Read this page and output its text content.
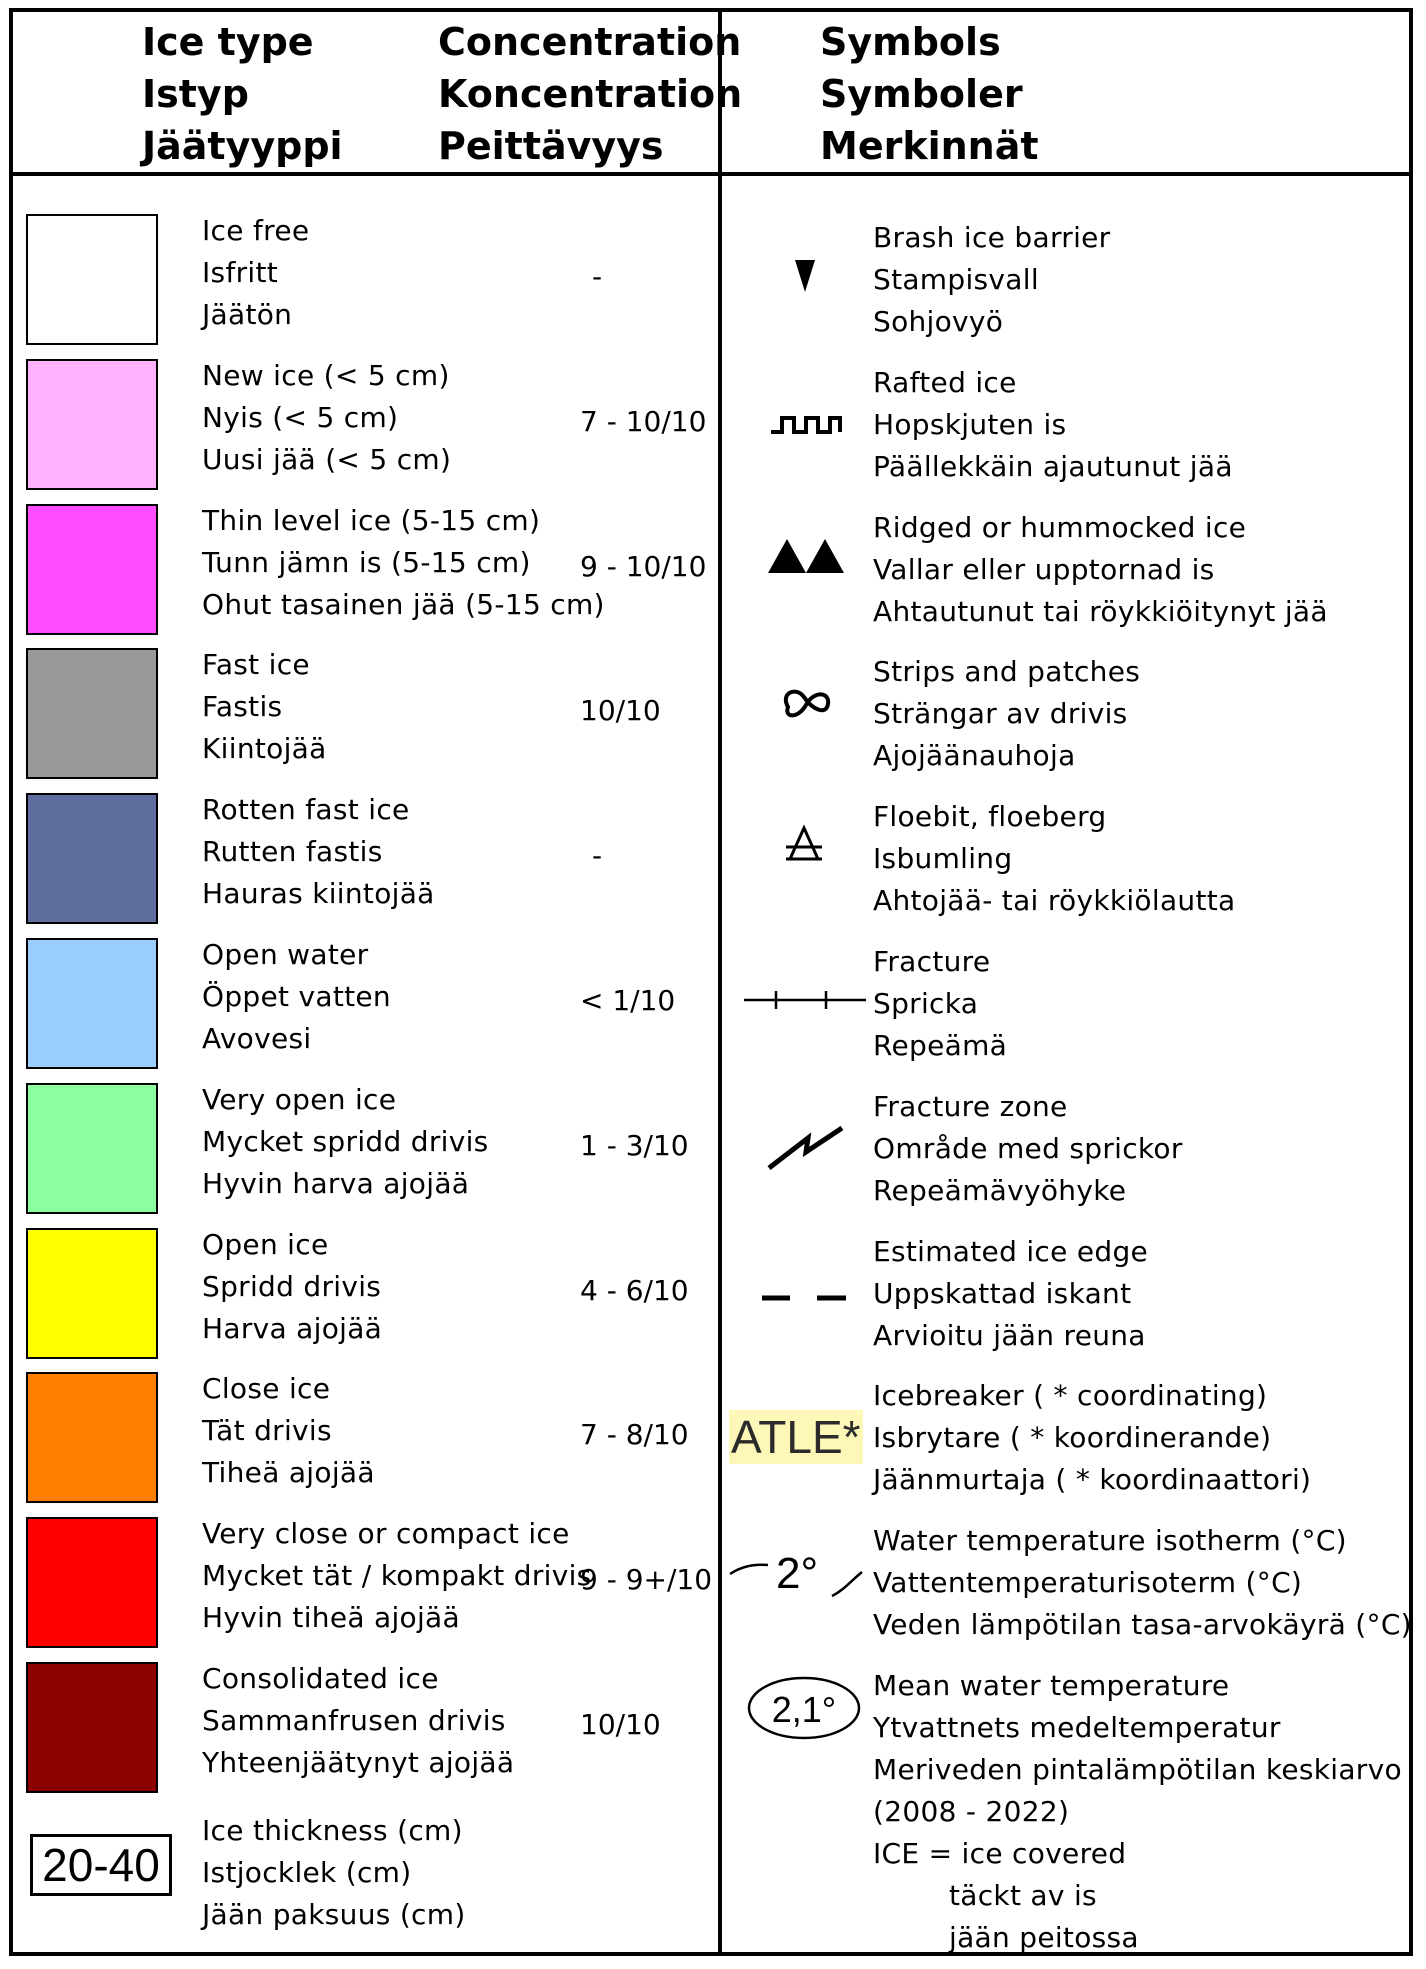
Ice type
Istyp
Jäätyyppi
Concentration
Koncentration
Peittävyys
Symbols
Symboler
Merkinnät
Ice free
Isfritt
Jäätön
-
New ice (< 5 cm)
Nyis (< 5 cm)
Uusi jää (< 5 cm)
7 - 10/10
Thin level ice (5-15 cm)
Tunn jämn is (5-15 cm)
Ohut tasainen jää (5-15 cm)
9 - 10/10
Fast ice
Fastis
Kiintojää
10/10
Rotten fast ice
Rutten fastis
Hauras kiintojää
-
Open water
Öppet vatten
Avovesi
< 1/10
Very open ice
Mycket spridd drivis
Hyvin harva ajojää
1 - 3/10
Open ice
Spridd drivis
Harva ajojää
4 - 6/10
Close ice
Tät drivis
Tiheä ajojää
7 - 8/10
Very close or compact ice
Mycket tät / kompakt drivis
Hyvin tiheä ajojää
9 - 9+/10
Consolidated ice
Sammanfrusen drivis
Yhteenjäätynyt ajojää
10/10
20-40
Ice thickness (cm)
Istjocklek (cm)
Jään paksuus (cm)
Brash ice barrier
Stampisvall
Sohjovyö
Rafted ice
Hopskjuten is
Päällekkäin ajautunut jää
Ridged or hummocked ice
Vallar eller upptornad is
Ahtautunut tai röykkiöitynyt jää
Strips and patches
Strängar av drivis
Ajojäänauhoja
Floebit, floeberg
Isbumling
Ahtojää- tai röykkiölautta
Fracture
Spricka
Repeämä
Fracture zone
Område med sprickor
Repeämävyöhyke
Estimated ice edge
Uppskattad iskant
Arvioitu jään reuna
Icebreaker ( * coordinating)
Isbrytare ( * koordinerande)
Jäänmurtaja ( * koordinaattori)
Water temperature isotherm (°C)
Vattentemperaturisoterm (°C)
Veden lämpötilan tasa-arvokäyrä (°C)
Mean water temperature
Ytvattnets medeltemperatur
Meriveden pintalämpötilan keskiarvo
(2008 - 2022)
ICE = ice covered
täckt av is
jään peitossa
2°
2,1°
ATLE*
